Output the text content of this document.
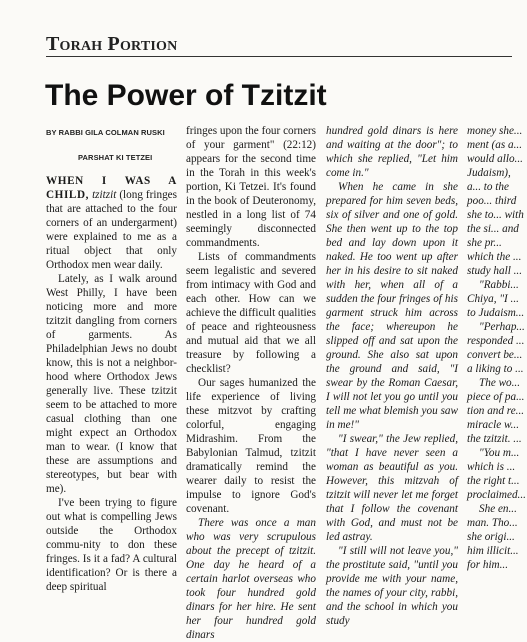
Torah Portion
The Power of Tzitzit
BY RABBI GILA COLMAN RUSKI
PARSHAT KI TETZEI

WHEN I WAS A CHILD, tzitzit (long fringes that are attached to the four corners of an undergarment) were explained to me as a ritual object that only Orthodox men wear daily.

Lately, as I walk around West Philly, I have been noticing more and more tzitzit dangling from corners of garments. As Philadelphian Jews no doubt know, this is not a neighbor-hood where Orthodox Jews generally live. These tzitzit seem to be attached to more casual clothing than one might expect an Orthodox man to wear. (I know that these are assumptions and stereotypes, but bear with me).

I've been trying to figure out what is compelling Jews outside the Orthodox commu-nity to don these fringes. Is it a fad? A cultural identification? Or is there a deep spiritual

fringes upon the four corners of your garment" (22:12) appears for the second time in the Torah in this week's portion, Ki Tetzei. It's found in the book of Deuteronomy, nestled in a long list of 74 seemingly disconnected commandments.

Lists of commandments seem legalistic and severed from intimacy with God and each other. How can we achieve the difficult qualities of peace and righteousness and mutual aid that we all treasure by following a checklist?

Our sages humanized the life experience of living these mitzvot by crafting colorful, engaging Midrashim. From the Babylonian Talmud, tzitzit dramatically remind the wearer daily to resist the impulse to ignore God's covenant.

There was once a man who was very scrupulous about the precept of tzitzit. One day he heard of a certain harlot overseas who took four hundred gold dinars for her hire. He sent her four hundred gold dinars

hundred gold dinars is here and waiting at the door"; to which she replied, "Let him come in."

When he came in she prepared for him seven beds, six of silver and one of gold. She then went up to the top bed and lay down upon it naked. He too went up after her in his desire to sit naked with her, when all of a sudden the four fringes of his garment struck him across the face; whereupon he slipped off and sat upon the ground. She also sat upon the ground and said, "I swear by the Roman Caesar, I will not let you go until you tell me what blemish you saw in me!"

"I swear," the Jew replied, "that I have never seen a woman as beautiful as you. However, this mitzvah of tzitzit will never let me forget that I follow the covenant with God, and must not be led astray.

"I still will not leave you," the prostitute said, "until you provide me with your name, the names of your city, rabbi, and the school in which you study

money she... ment (as a... would allo... Judaism), a... to the poo... third she to... with the si... and she pr... which the ... study hall ...

"Rabbi... Chiya, "I ... to Judaism...

"Perhap... responded ... convert be... a liking to ...

The wo... piece of pa... tion and re... miracle w... the tzitzit. ...

"You m... which is ... the right t... proclaimed...

She en... man. Tho... she origi... him illicit... for him...
